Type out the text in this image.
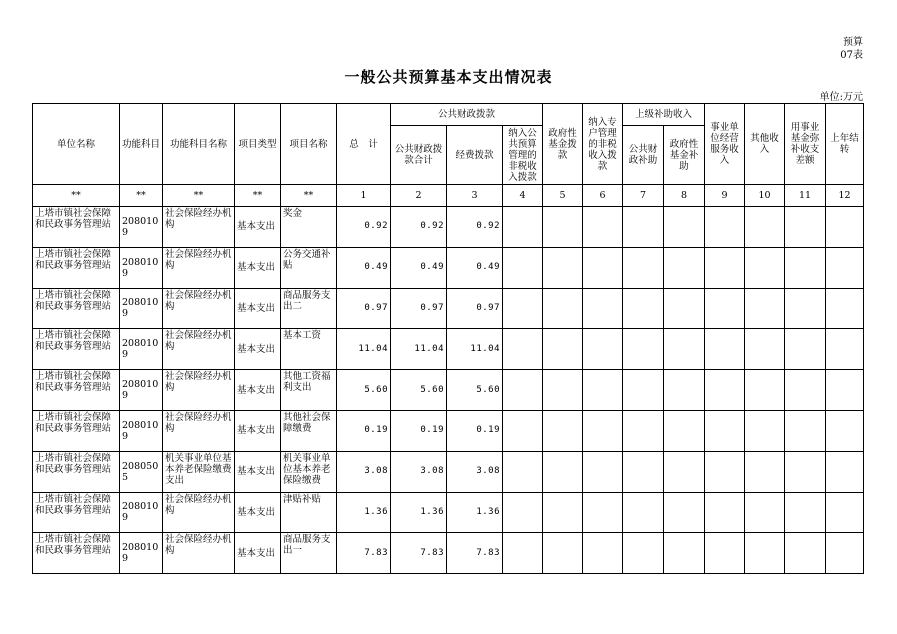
预算07表
一般公共预算基本支出情况表
单位:万元
单位名称	功能科目	功能科目名称	项目类型	项目名称	总　计	公共财政拨款			政府性基金拨款	纳入专户管理的非税收入拨款	上级补助收入		事业单位经营服务收入	其他收入	用事业基金弥补收支差额	上年结转
						公共财政拨款合计	经费拨款	纳入公共预算管理的非税收入拨款			公共财政补助	政府性基金补助				
**	**	**	**	**	1	2	3	4	5	6	7	8	9	10	11	12
上塔市镇社会保障和民政事务管理站	2080109	社会保险经办机构	基本支出	奖金	0.92	0.92	0.92									
上塔市镇社会保障和民政事务管理站	2080109	社会保险经办机构	基本支出	公务交通补贴	0.49	0.49	0.49									
上塔市镇社会保障和民政事务管理站	2080109	社会保险经办机构	基本支出	商品服务支出二	0.97	0.97	0.97									
上塔市镇社会保障和民政事务管理站	2080109	社会保险经办机构	基本支出	基本工资	11.04	11.04	11.04									
上塔市镇社会保障和民政事务管理站	2080109	社会保险经办机构	基本支出	其他工资福利支出	5.60	5.60	5.60									
上塔市镇社会保障和民政事务管理站	2080109	社会保险经办机构	基本支出	其他社会保障缴费	0.19	0.19	0.19									
上塔市镇社会保障和民政事务管理站	2080505	机关事业单位基本养老保险缴费支出	基本支出	机关事业单位基本养老保险缴费	3.08	3.08	3.08									
上塔市镇社会保障和民政事务管理站	2080109	社会保险经办机构	基本支出	津贴补贴	1.36	1.36	1.36									
上塔市镇社会保障和民政事务管理站	2080109	社会保险经办机构	基本支出	商品服务支出一	7.83	7.83	7.83									
